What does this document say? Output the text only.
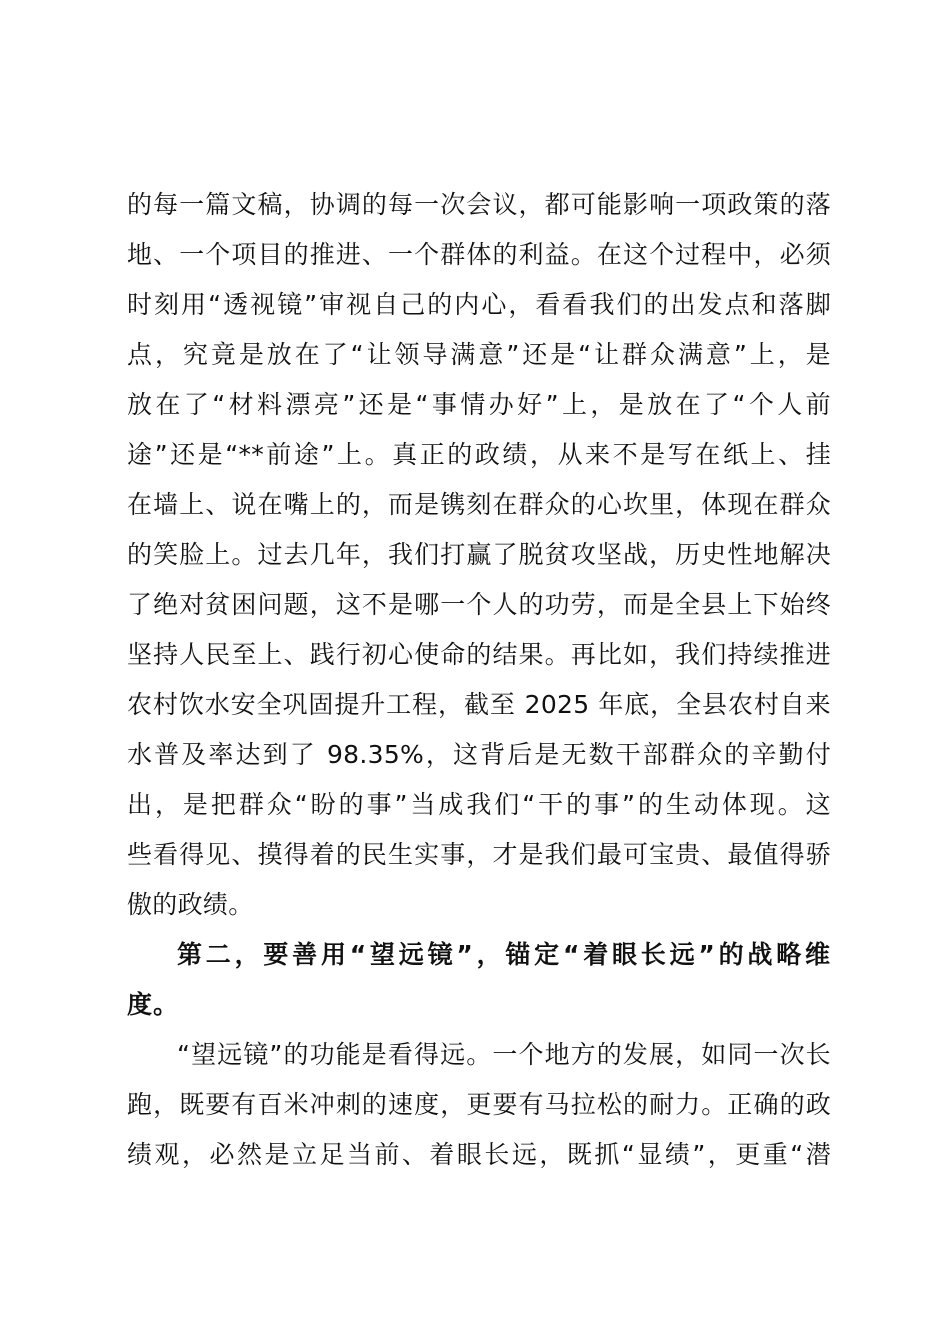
的每一篇文稿，协调的每一次会议，都可能影响一项政策的落
地、一个项目的推进、一个群体的利益。在这个过程中，必须
时刻用“透视镜”审视自己的内心，看看我们的出发点和落脚
点，究竟是放在了“让领导满意”还是“让群众满意”上，是
放在了“材料漂亮”还是“事情办好”上，是放在了“个人前
途”还是“**前途”上。真正的政绩，从来不是写在纸上、挂
在墙上、说在嘴上的，而是镌刻在群众的心坎里，体现在群众
的笑脸上。过去几年，我们打赢了脱贫攻坚战，历史性地解决
了绝对贫困问题，这不是哪一个人的功劳，而是全县上下始终
坚持人民至上、践行初心使命的结果。再比如，我们持续推进
农村饮水安全巩固提升工程，截至 2025 年底，全县农村自来
水普及率达到了 98.35%，这背后是无数干部群众的辛勤付
出，是把群众“盼的事”当成我们“干的事”的生动体现。这
些看得见、摸得着的民生实事，才是我们最可宝贵、最值得骄
傲的政绩。
第二，要善用“望远镜”，锚定“着眼长远”的战略维
度。
“望远镜”的功能是看得远。一个地方的发展，如同一次长
跑，既要有百米冲刺的速度，更要有马拉松的耐力。正确的政
绩观，必然是立足当前、着眼长远，既抓“显绩”，更重“潜
